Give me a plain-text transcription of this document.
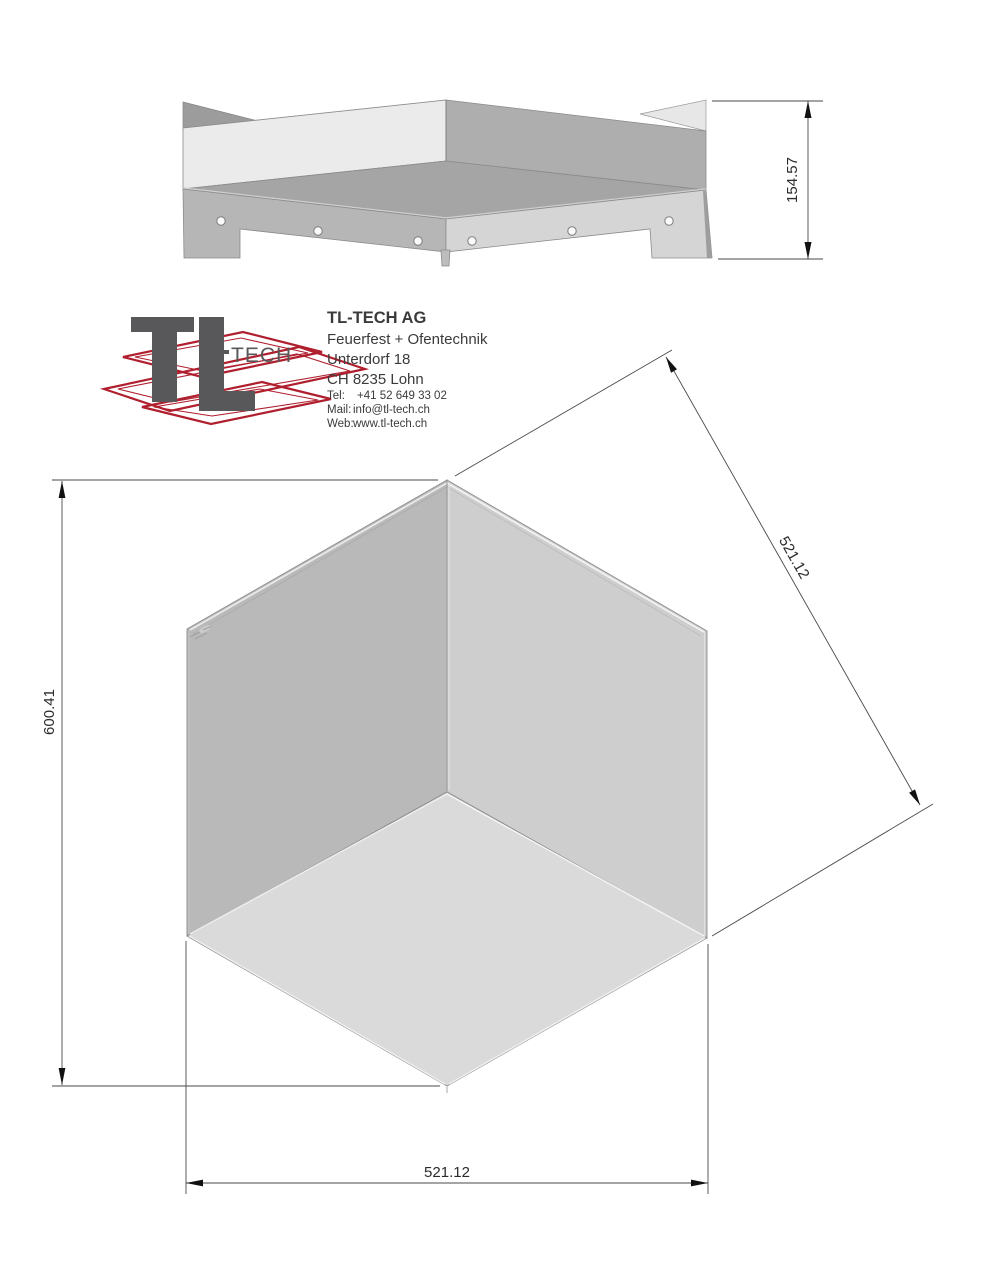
154.57
TECH
TL-TECH AG
Feuerfest + Ofentechnik
Unterdorf 18
CH 8235 Lohn
Tel: +41 52 649 33 02
Mail: info@tl-tech.ch
Web: www.tl-tech.ch
600.41
521.12
521.12
